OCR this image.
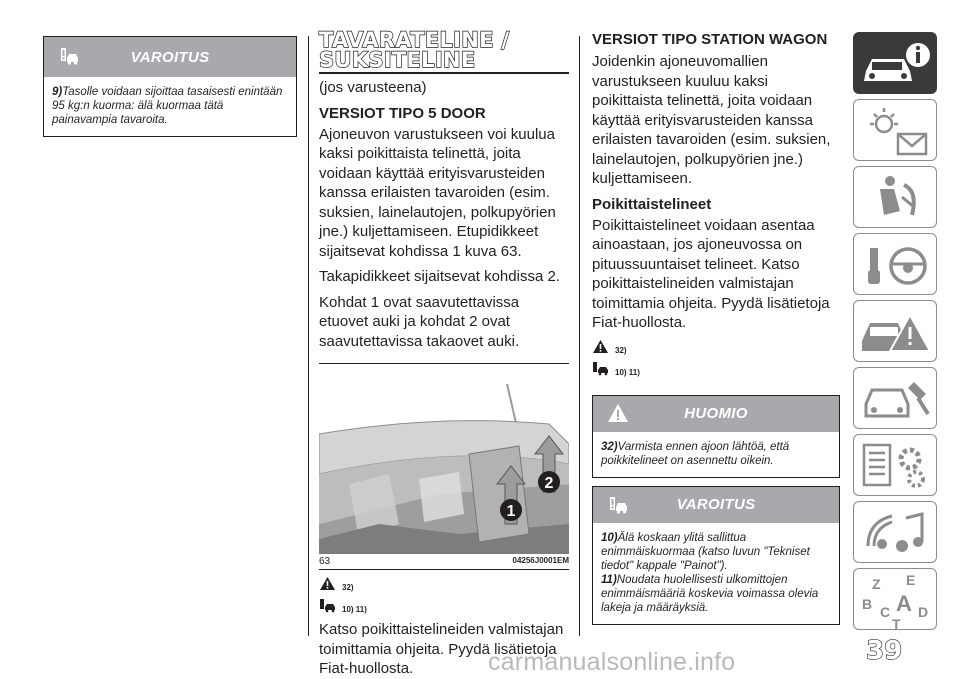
VAROITUS
9)Tasolle voidaan sijoittaa tasaisesti enintään 95 kg:n kuorma: älä kuormaa tätä painavampia tavaroita.
TAVARATELINE /
SUKSITELINE

(jos varusteena)

VERSIOT TIPO 5 DOOR

Ajoneuvon varustukseen voi kuulua kaksi poikittaista telinettä, joita voidaan käyttää erityisvarusteiden kanssa erilaisten tavaroiden (esim. suksien, lainelautojen, polkupyörien jne.) kuljettamiseen. Etupidikkeet sijaitsevat kohdissa 1 kuva 63.

Takapidikkeet sijaitsevat kohdissa 2.

Kohdat 1 ovat saavutettavissa etuovet auki ja kohdat 2 ovat saavutettavissa takaovet auki.

1
2
63	04256J0001EM
32)
10) 11)

Katso poikittaistelineiden valmistajan toimittamia ohjeita. Pyydä lisätietoja Fiat-huollosta.

VERSIOT TIPO STATION WAGON

Joidenkin ajoneuvomallien varustukseen kuuluu kaksi poikittaista telinettä, joita voidaan käyttää erityisvarusteiden kanssa erilaisten tavaroiden (esim. suksien, lainelautojen, polkupyörien jne.) kuljettamiseen.

Poikittaistelineet

Poikittaistelineet voidaan asentaa ainoastaan, jos ajoneuvossa on pituussuuntaiset telineet. Katso poikittaistelineiden valmistajan toimittamia ohjeita. Pyydä lisätietoja Fiat-huollosta.

32)
10) 11)
HUOMIO
32)Varmista ennen ajoon lähtöä, että poikkitelineet on asennettu oikein.
VAROITUS
10)Älä koskaan ylitä sallittua enimmäiskuormaa (katso luvun "Tekniset tiedot" kappale "Painot").
11)Noudata huolellisesti ulkomittojen enimmäismääriä koskevia voimassa olevia lakeja ja määräyksiä.
Z E
B C A D
T
carmanualsonline.info	39
